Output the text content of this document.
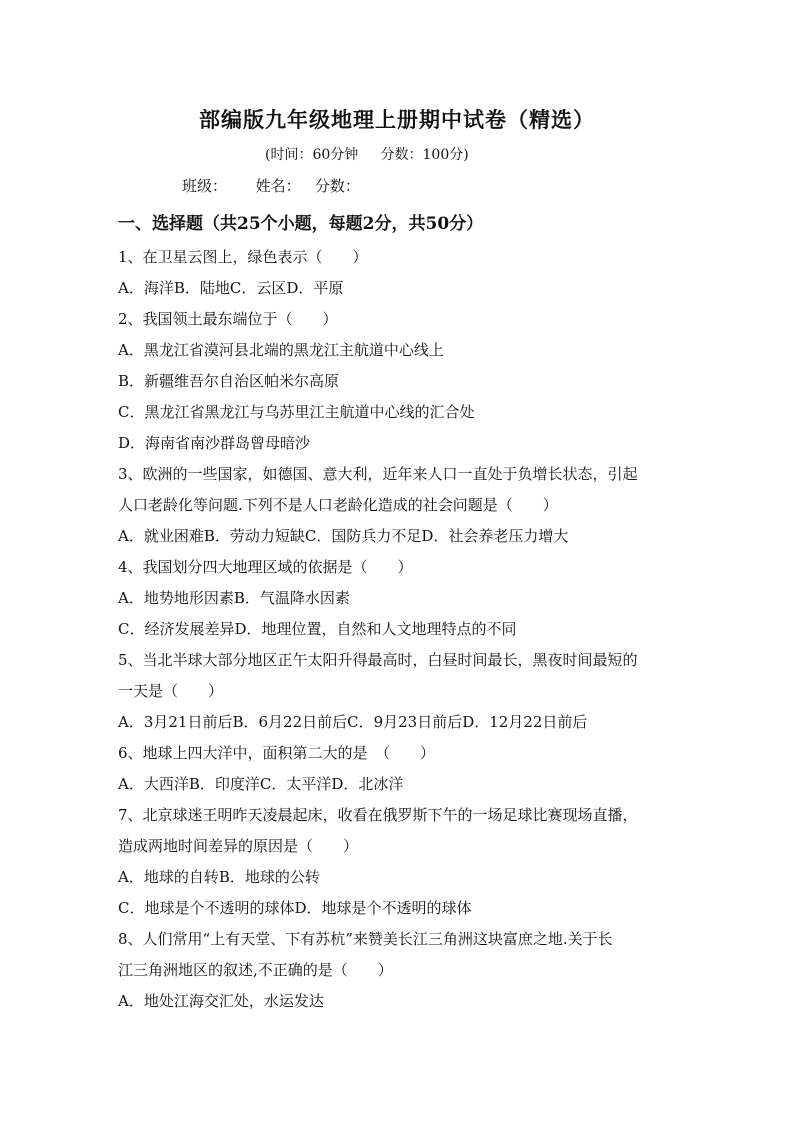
部编版九年级地理上册期中试卷（精选）
(时间：60分钟     分数：100分)
班级：      姓名：   分数：
一、选择题（共25个小题，每题2分，共50分）
1、在卫星云图上，绿色表示（　　）
A．海洋B．陆地C．云区D．平原
2、我国领土最东端位于（　　）
A．黑龙江省漠河县北端的黑龙江主航道中心线上
B．新疆维吾尔自治区帕米尔高原
C．黑龙江省黑龙江与乌苏里江主航道中心线的汇合处
D．海南省南沙群岛曾母暗沙
3、欧洲的一些国家，如德国、意大利，近年来人口一直处于负增长状态，引起
人口老龄化等问题.下列不是人口老龄化造成的社会问题是（　　）
A．就业困难B．劳动力短缺C．国防兵力不足D．社会养老压力增大
4、我国划分四大地理区域的依据是（　　）
A．地势地形因素B．气温降水因素
C．经济发展差异D．地理位置，自然和人文地理特点的不同
5、当北半球大部分地区正午太阳升得最高时，白昼时间最长，黑夜时间最短的
一天是（　　）
A．3月21日前后B．6月22日前后C．9月23日前后D．12月22日前后
6、地球上四大洋中，面积第二大的是　（　　）
A．大西洋B．印度洋C．太平洋D．北冰洋
7、北京球迷王明昨天凌晨起床，收看在俄罗斯下午的一场足球比赛现场直播，
造成两地时间差异的原因是（　　）
A．地球的自转B．地球的公转
C．地球是个不透明的球体D．地球是个不透明的球体
8、人们常用“上有天堂、下有苏杭”来赞美长江三角洲这块富庶之地.关于长
江三角洲地区的叙述,不正确的是（　　）
A．地处江海交汇处，水运发达
